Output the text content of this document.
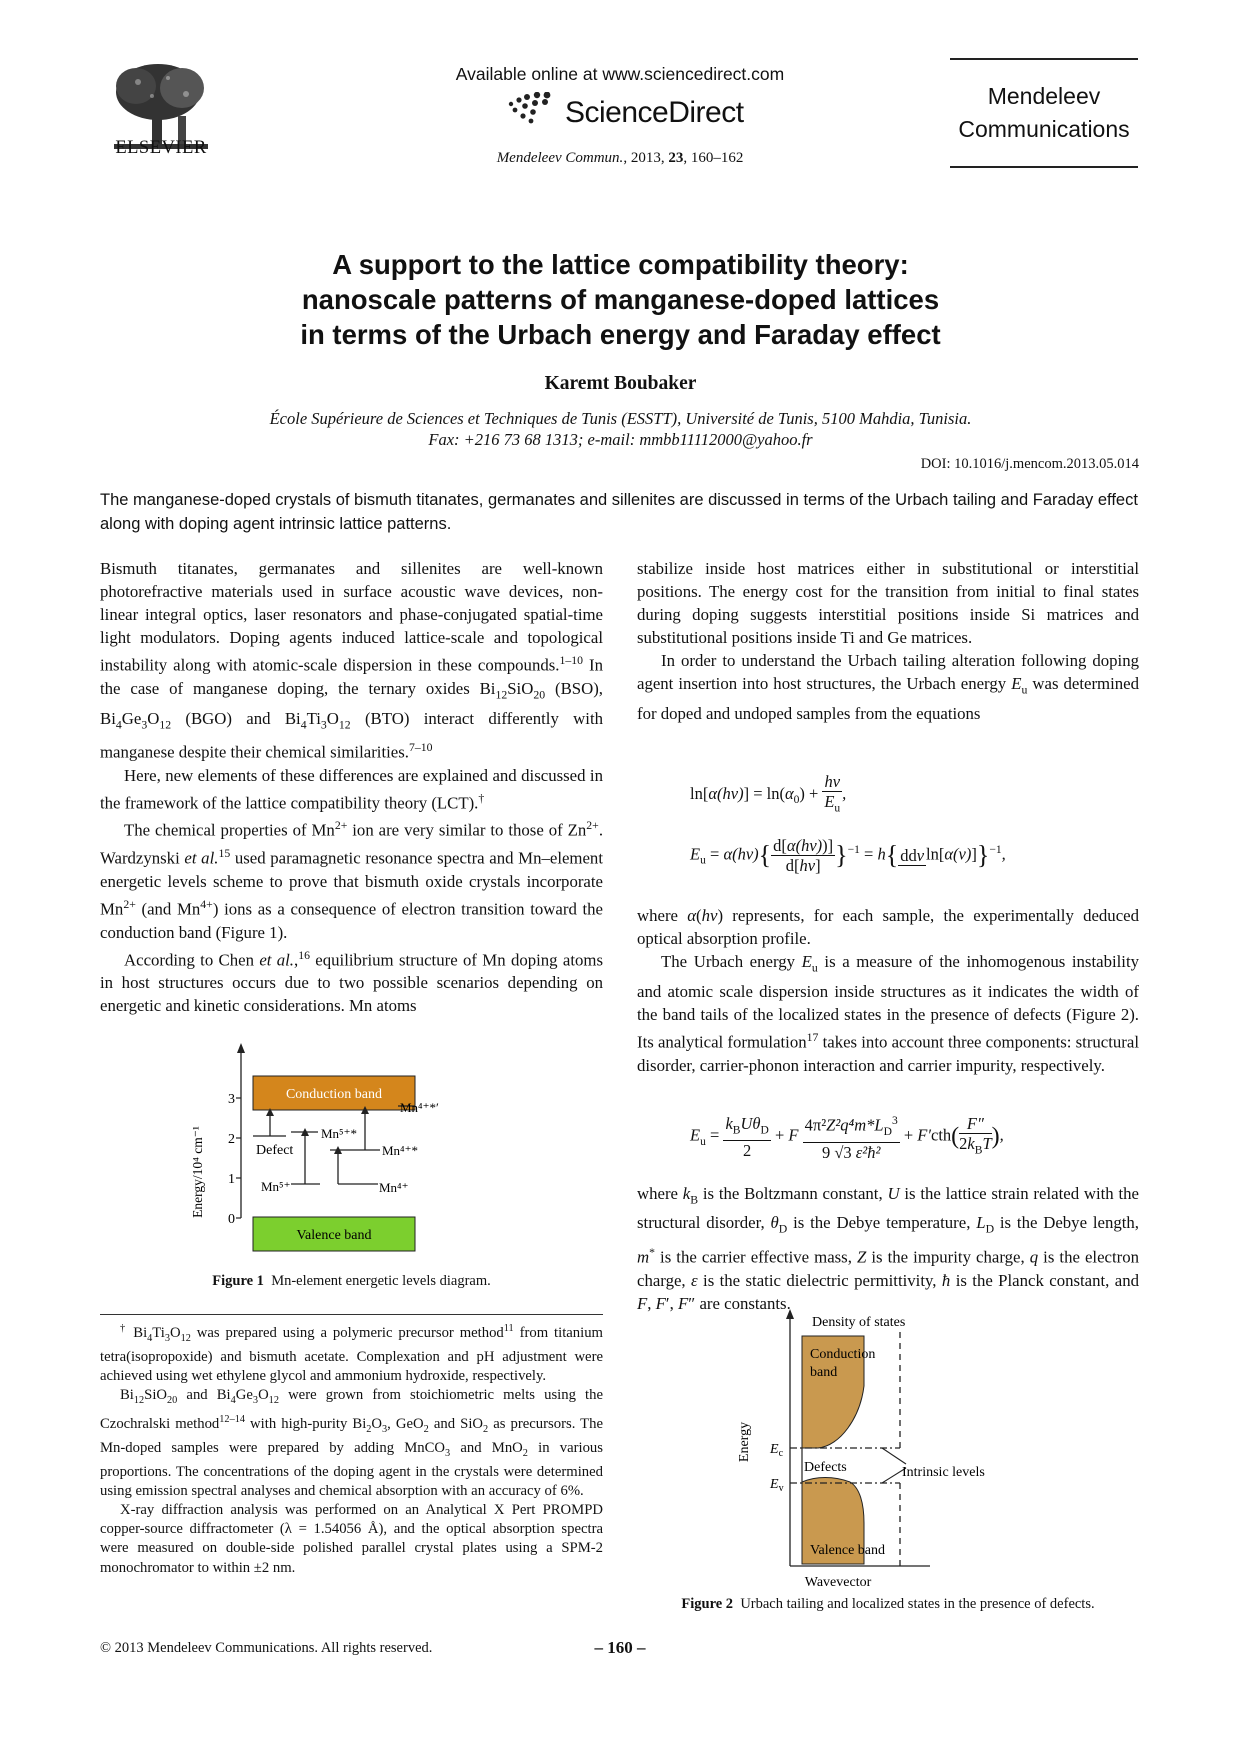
ELSEVIER
Available online at www.sciencedirect.com
ScienceDirect
Mendeleev Commun., 2013, 23, 160–162
Mendeleev
Communications
A support to the lattice compatibility theory:
nanoscale patterns of manganese-doped lattices
in terms of the Urbach energy and Faraday effect
Karemt Boubaker
École Supérieure de Sciences et Techniques de Tunis (ESSTT), Université de Tunis, 5100 Mahdia, Tunisia.
Fax: +216 73 68 1313; e-mail: mmbb11112000@yahoo.fr
DOI: 10.1016/j.mencom.2013.05.014
The manganese-doped crystals of bismuth titanates, germanates and sillenites are discussed in terms of the Urbach tailing and Faraday effect along with doping agent intrinsic lattice patterns.

Bismuth titanates, germanates and sillenites are well-known photorefractive materials used in surface acoustic wave devices, non-linear integral optics, laser resonators and phase-conjugated spatial-time light modulators. Doping agents induced lattice-scale and topological instability along with atomic-scale dispersion in these compounds.$^{1-10}$ In the case of manganese doping, the ternary oxides $Bi_{12}SiO_{20}$ (BSO), $Bi_4Ge_3O_{12}$ (BGO) and $Bi_4Ti_3O_{12}$ (BTO) interact differently with manganese despite their chemical similarities.$^{7-10}$

Here, new elements of these differences are explained and discussed in the framework of the lattice compatibility theory (LCT).†

The chemical properties of $Mn^{2+}$ ion are very similar to those of $Zn^{2+}$. Wardzynski et al.$^{15}$ used paramagnetic resonance spectra and Mn–element energetic levels scheme to prove that bismuth oxide crystals incorporate $Mn^{2+}$ (and $Mn^{4+}$) ions as a consequence of electron transition toward the conduction band (Figure 1).

According to Chen et al.,$^{16}$ equilibrium structure of Mn doping atoms in host structures occurs due to two possible scenarios depending on energetic and kinetic considerations. Mn atoms

0
1
2
3
Energy/10⁴ cm⁻¹
Conduction band
Valence band
Defect
Mn⁵⁺
Mn⁵⁺*
Mn⁴⁺*
Mn⁴⁺
Mn⁴⁺*′
Figure 1 Mn-element energetic levels diagram.

† $Bi_4Ti_3O_{12}$ was prepared using a polymeric precursor method$^{11}$ from titanium tetra(isopropoxide) and bismuth acetate. Complexation and pH adjustment were achieved using wet ethylene glycol and ammonium hydroxide, respectively.

$Bi_{12}SiO_{20}$ and $Bi_4Ge_3O_{12}$ were grown from stoichiometric melts using the Czochralski method$^{12-14}$ with high-purity $Bi_2O_3$, GeO$_2$ and SiO$_2$ as precursors. The Mn-doped samples were prepared by adding MnCO$_3$ and MnO$_2$ in various proportions. The concentrations of the doping agent in the crystals were determined using emission spectral analyses and chemical absorption with an accuracy of 6%.

X-ray diffraction analysis was performed on an Analytical X Pert PROMPD copper-source diffractometer (λ = 1.54056 Å), and the optical absorption spectra were measured on double-side polished parallel crystal plates using a SPM-2 monochromator to within ±2 nm.

stabilize inside host matrices either in substitutional or interstitial positions. The energy cost for the transition from initial to final states during doping suggests interstitial positions inside Si matrices and substitutional positions inside Ti and Ge matrices.

In order to understand the Urbach tailing alteration following doping agent insertion into host structures, the Urbach energy $E_u$ was determined for doped and undoped samples from the equations

$\ln[\alpha(h\nu)] = \ln(\alpha_0) + \frac{h\nu}{E_u}$ ,
$E_u = \alpha(h\nu)\{ \frac{d[\alpha(h\nu))]}{d[h\nu]} \}^{-1} = h${ ddν ln[α(ν)]}$^{-1}$,

where α(hν) represents, for each sample, the experimentally deduced optical absorption profile.

The Urbach energy $E_u$ is a measure of the inhomogenous instability and atomic scale dispersion inside structures as it indicates the width of the band tails of the localized states in the presence of defects (Figure 2). Its analytical formulation$^{17}$ takes into account three components: structural disorder, carrier-phonon interaction and carrier impurity, respectively.

$E_u = \frac{k_BU\theta_D}{2} + F \frac{4\pi^2Z^2q^4m*L_D^3}{\text{9 √3 ε²ħ²}} + F'cth( \frac{F''}{2k_BT}$ ),

where $k_B$ is the Boltzmann constant, U is the lattice strain related with the structural disorder, $\theta_D$ is the Debye temperature, $L_D$ is the Debye length, m* is the carrier effective mass, Z is the impurity charge, q is the electron charge, ε is the static dielectric permittivity, ħ is the Planck constant, and F, F′, F″ are constants.

Density of states
Wavevector
Energy
Conduction
band
Valence band
$E_c$
$E_v$
Defects	Intrinsic levels
Figure 2 Urbach tailing and localized states in the presence of defects.
© 2013 Mendeleev Communications. All rights reserved.	– 160 –
